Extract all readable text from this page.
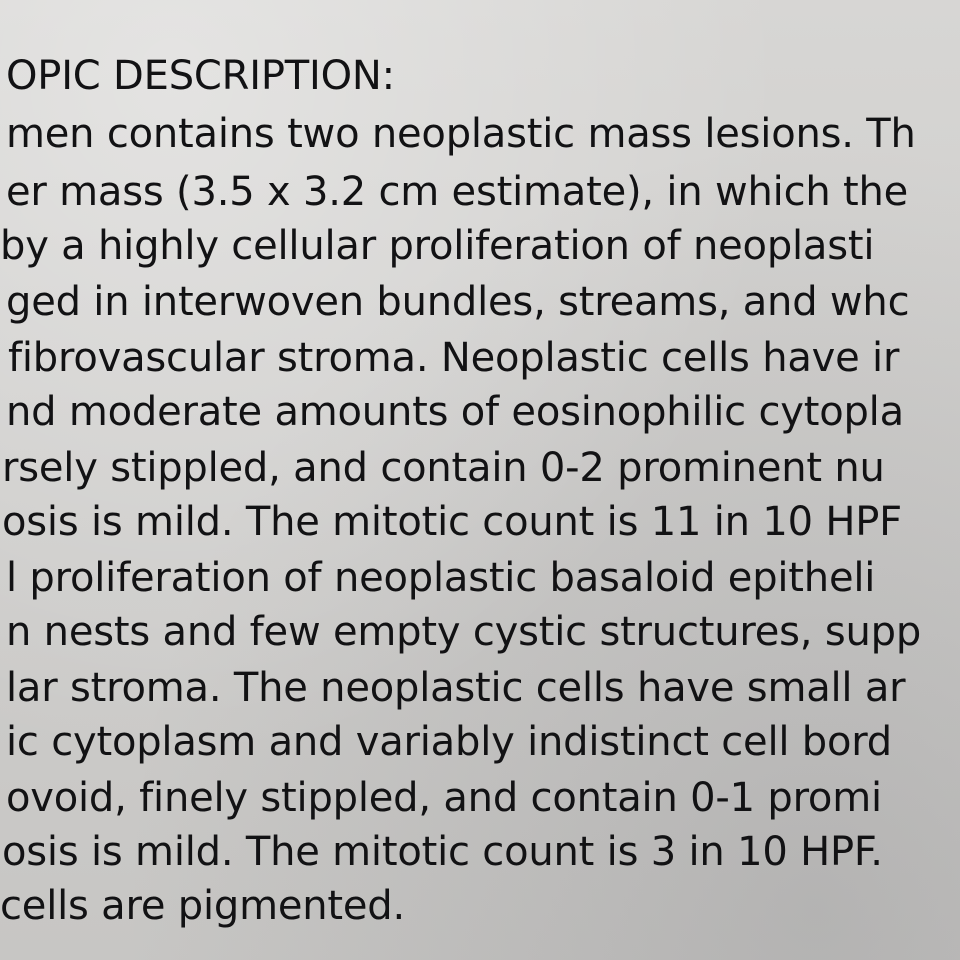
OPIC DESCRIPTION:
men contains two neoplastic mass lesions. Th
er mass (3.5 x 3.2 cm estimate), in which the
by a highly cellular proliferation of neoplasti
ged in interwoven bundles, streams, and whc
fibrovascular stroma. Neoplastic cells have ir
nd moderate amounts of eosinophilic cytopla
rsely stippled, and contain 0-2 prominent nu
osis is mild. The mitotic count is 11 in 10 HPF
l proliferation of neoplastic basaloid epitheli
n nests and few empty cystic structures, supp
lar stroma. The neoplastic cells have small ar
ic cytoplasm and variably indistinct cell bord
ovoid, finely stippled, and contain 0-1 promi
osis is mild. The mitotic count is 3 in 10 HPF.
cells are pigmented.
